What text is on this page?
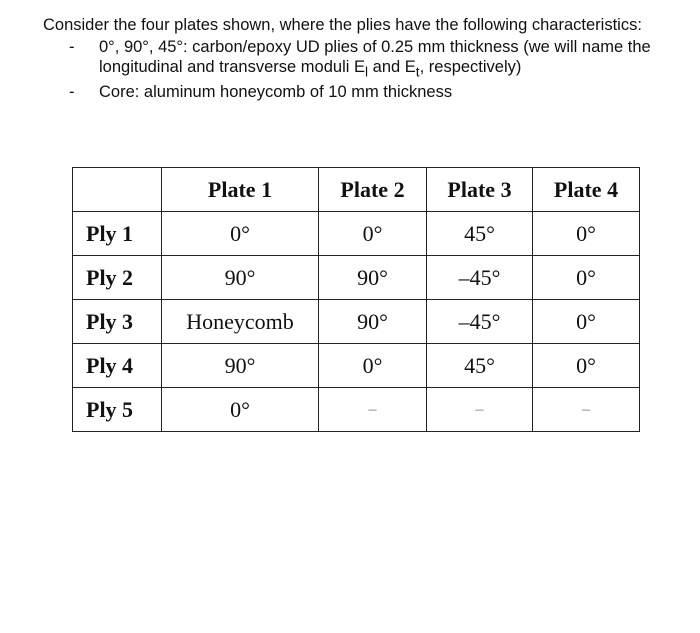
Consider the four plates shown, where the plies have the following characteristics:

- 0°, 90°, 45°: carbon/epoxy UD plies of 0.25 mm thickness (we will name the longitudinal and transverse moduli $E_l$ and $E_t$, respectively)
- Core: aluminum honeycomb of 10 mm thickness
	Plate 1	Plate 2	Plate 3	Plate 4
Ply 1	0°	0°	45°	0°
Ply 2	90°	90°	–45°	0°
Ply 3	Honeycomb	90°	–45°	0°
Ply 4	90°	0°	45°	0°
Ply 5	0°	–	–	–
